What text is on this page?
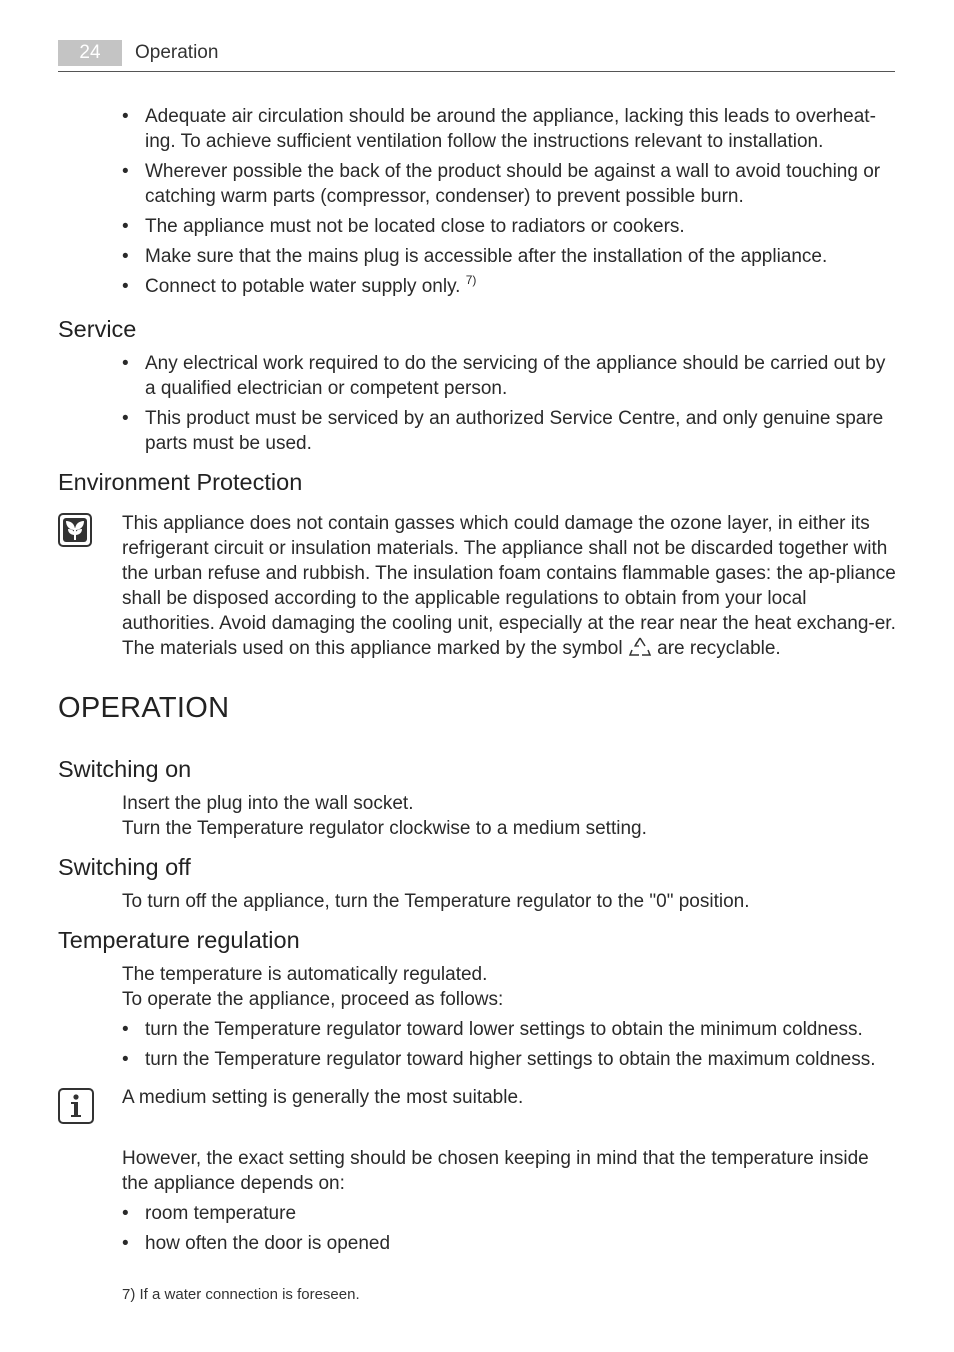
24	Operation
• Adequate air circulation should be around the appliance, lacking this leads to overheat-ing. To achieve sufficient ventilation follow the instructions relevant to installation.
• Wherever possible the back of the product should be against a wall to avoid touching or catching warm parts (compressor, condenser) to prevent possible burn.
• The appliance must not be located close to radiators or cookers.
• Make sure that the mains plug is accessible after the installation of the appliance.
• Connect to potable water supply only. $^{7)}$
Service
• Any electrical work required to do the servicing of the appliance should be carried out by a qualified electrician or competent person.
• This product must be serviced by an authorized Service Centre, and only genuine spare parts must be used.
Environment Protection
This appliance does not contain gasses which could damage the ozone layer, in either its refrigerant circuit or insulation materials. The appliance shall not be discarded together with the urban refuse and rubbish. The insulation foam contains flammable gases: the ap-pliance shall be disposed according to the applicable regulations to obtain from your local authorities. Avoid damaging the cooling unit, especially at the rear near the heat exchang-er. The materials used on this appliance marked by the symbol are recyclable.
OPERATION
Switching on
Insert the plug into the wall socket.
Turn the Temperature regulator clockwise to a medium setting.
Switching off
To turn off the appliance, turn the Temperature regulator to the "0" position.
Temperature regulation
The temperature is automatically regulated.
To operate the appliance, proceed as follows:
• turn the Temperature regulator toward lower settings to obtain the minimum coldness.
• turn the Temperature regulator toward higher settings to obtain the maximum coldness.
A medium setting is generally the most suitable.
However, the exact setting should be chosen keeping in mind that the temperature inside the appliance depends on:
• room temperature
• how often the door is opened
7) If a water connection is foreseen.
